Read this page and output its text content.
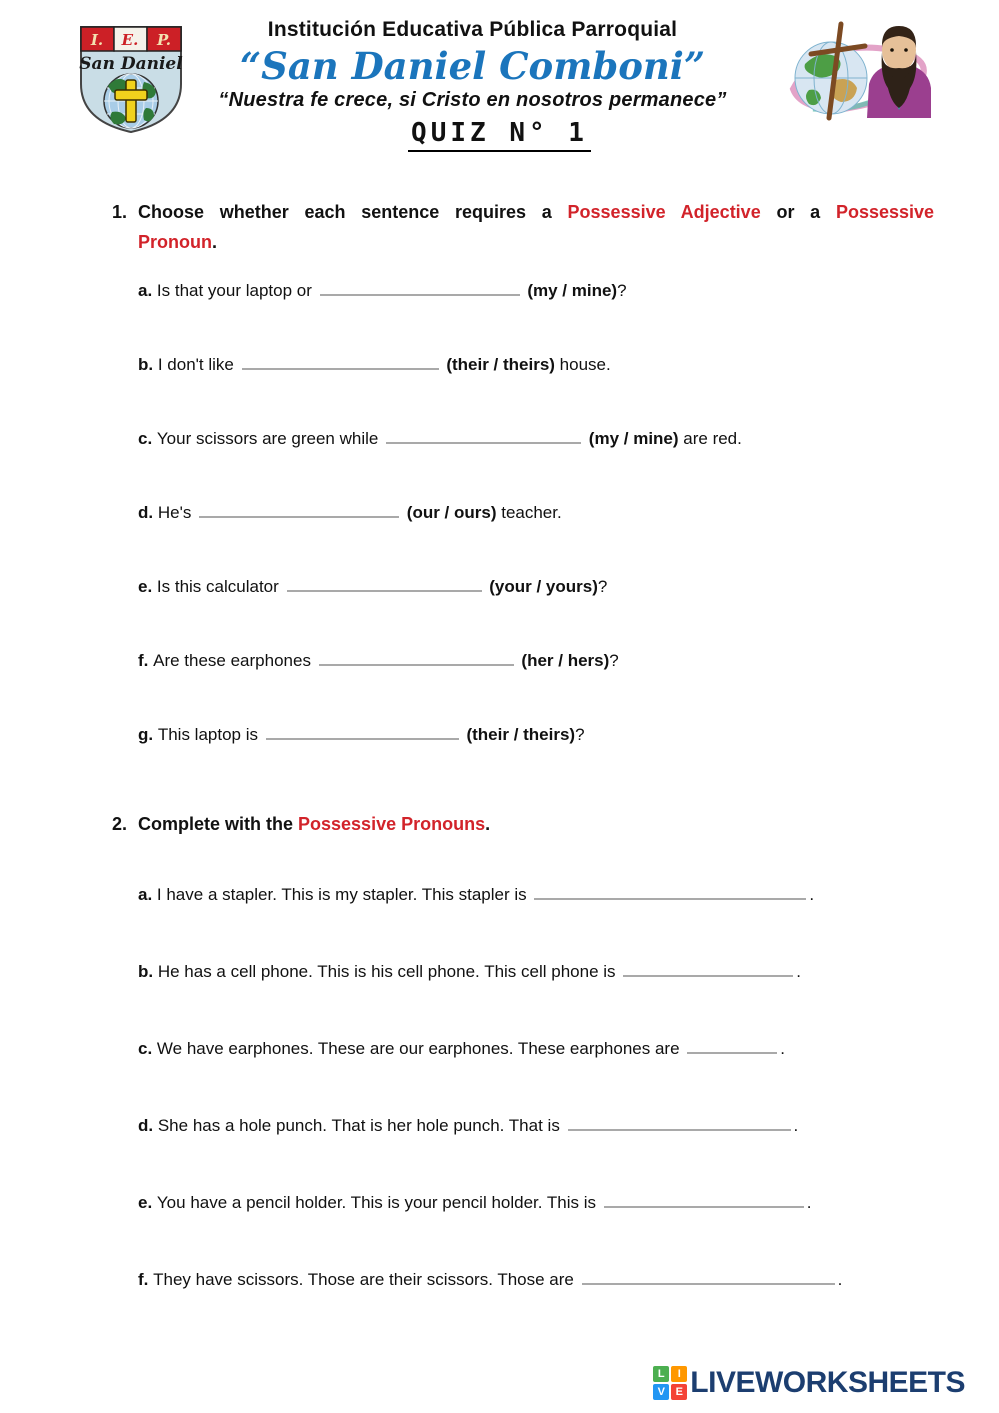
I. E. P.
San Daniel
Institución Educativa Pública Parroquial
“San Daniel Comboni”
“Nuestra fe crece, si Cristo en nosotros permanece”
QUIZ N° 1
1. Choose whether each sentence requires a Possessive Adjective or a Possessive
Pronoun.
a. Is that your laptop or	(my / mine)?
b. I don't like	(their / theirs) house.
c. Your scissors are green while	(my / mine) are red.
d. He's	(our / ours) teacher.
e. Is this calculator	(your / yours)?
f. Are these earphones	(her / hers)?
g. This laptop is	(their / theirs)?
2. Complete with the Possessive Pronouns.
a. I have a stapler. This is my stapler. This stapler is	.
b. He has a cell phone. This is his cell phone. This cell phone is	.
c. We have earphones. These are our earphones. These earphones are	.
d. She has a hole punch. That is her hole punch. That is	.
e. You have a pencil holder. This is your pencil holder. This is	.
f. They have scissors. Those are their scissors. Those are	.
L	I
V E LIVEWORKSHEETS
